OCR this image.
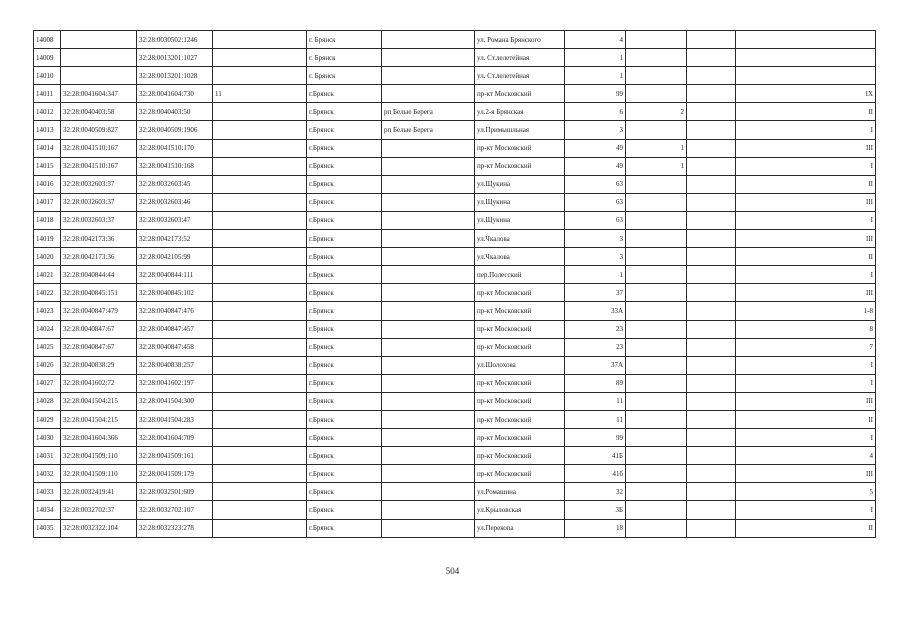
14008		32:28:0030502:1246		г. Брянск		ул. Романа Брянского	4			
14009		32:28:0013201:1027		г. Брянск		ул. Ст.лелетейная	1			
14010		32:28:0013201:1028		г. Брянск		ул. Ст.лелетейная	1			
14011	32:28:0041604:347	32:28:0041604:730	11	г.Брянск		пр-кт Московский	99			IX
14012	32:28:0040403:58	32:28:0040403:50		г.Брянск	рп Белые Берега	ул.2-я Брянская	6	2		II
14013	32:28:0040509:827	32:28:0040509:1906		г.Брянск	рп Белые Берега	ул.Примышльная	3			I
14014	32:28:0041510:167	32:28:0041510:170		г.Брянск		пр-кт Московский	49	1		III
14015	32:28:0041510:167	32:28:0041510:168		г.Брянск		пр-кт Московский	49	1		I
14016	32:28:0032603:37	32:28:0032603:45		г.Брянск		ул.Щукина	63			II
14017	32:28:0032603:37	32:28:0032603:46		г.Брянск		ул.Щукина	63			III
14018	32:28:0032603:37	32:28:0032603:47		г.Брянск		ул.Щукина	63			I
14019	32:28:0042173:36	32:28:0042173:52		г.Брянск		ул.Чкалова	3			III
14020	32:28:0042173:36	32:28:0042105:99		г.Брянск		ул.Чкалова	3			II
14021	32:28:0040844:44	32:28:0040844:111		г.Брянск		пер.Полесский	1			I
14022	32:28:0040845:151	32:28:0040845:102		г.Брянск		пр-кт Московский	37			III
14023	32:28:0040847:479	32:28:0040847:476		г.Брянск		пр-кт Московский	33А			1-8
14024	32:28:0040847:67	32:28:0040847:457		г.Брянск		пр-кт Московский	23			8
14025	32:28:0040847:67	32:28:0040847:458		г.Брянск		пр-кт Московский	23			7
14026	32:28:0040838:29	32:28:0040838:257		г.Брянск		ул.Шолохова	37А			I
14027	32:28:0041602:72	32:28:0041602:197		г.Брянск		пр-кт Московский	89			I
14028	32:28:0041504:215	32:28:0041504:300		г.Брянск		пр-кт Московский	11			III
14029	32:28:0041504:215	32:28:0041504:283		г.Брянск		пр-кт Московский	11			II
14030	32:28:0041604:366	32:28:0041604:709		г.Брянск		пр-кт Московский	99			I
14031	32:28:0041509:110	32:28:0041509:161		г.Брянск		пр-кт Московский	41Б			4
14032	32:28:0041509:110	32:28:0041509:179		г.Брянск		пр-кт Московский	41б			III
14033	32:28:0032419:41	32:28:0032501:609		г.Брянск		ул.Ромашина	32			5
14034	32:28:0032702:37	32:28:0032702:107		г.Брянск		ул.Крыловская	3Б			I
14035	32:28:0032322:104	32:28:0032323:278		г.Брянск		ул.Перекопа	18			II
504
